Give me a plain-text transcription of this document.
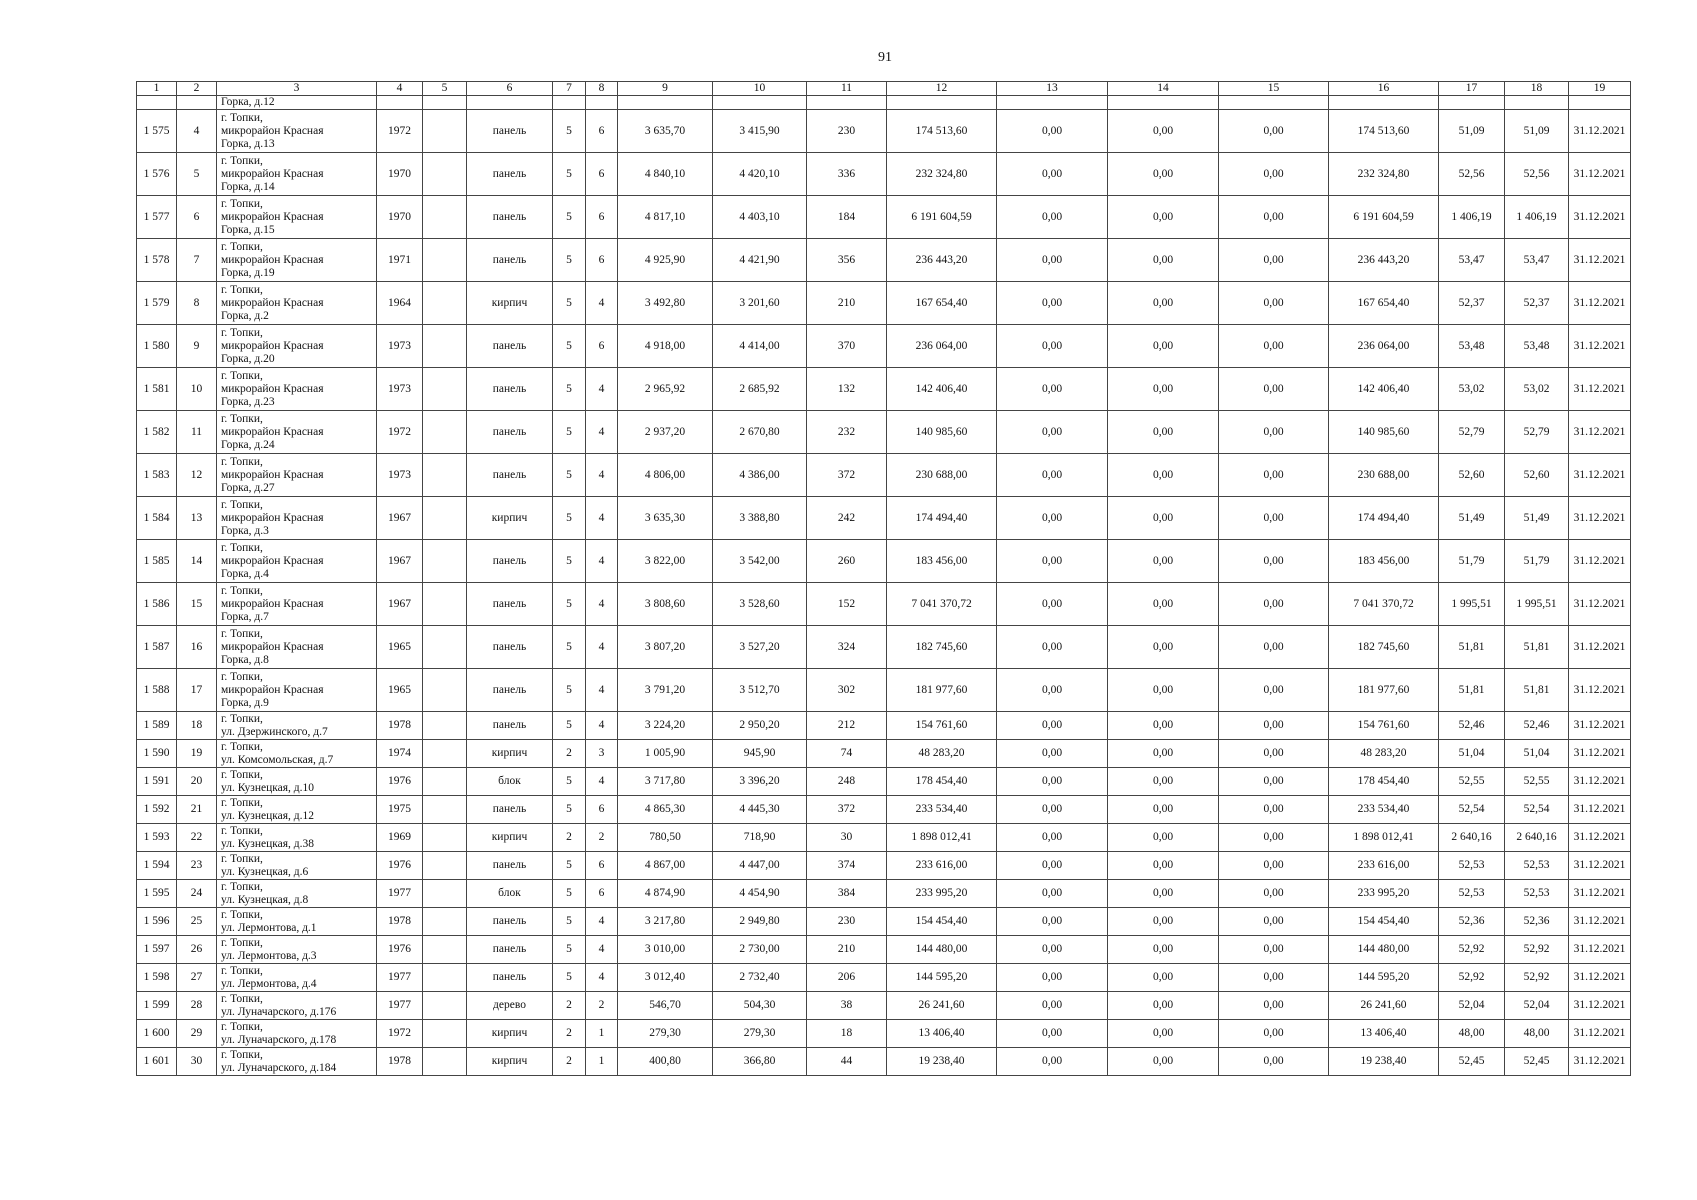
91
1	2	3	4	5	6	7	8	9	10	11	12	13	14	15	16	17	18	19
		Горка, д.12																
1 575	4	г. Топки,
микрорайон Красная
Горка, д.13	1972		панель	5	6	3 635,70	3 415,90	230	174 513,60	0,00	0,00	0,00	174 513,60	51,09	51,09	31.12.2021
1 576	5	г. Топки,
микрорайон Красная
Горка, д.14	1970		панель	5	6	4 840,10	4 420,10	336	232 324,80	0,00	0,00	0,00	232 324,80	52,56	52,56	31.12.2021
1 577	6	г. Топки,
микрорайон Красная
Горка, д.15	1970		панель	5	6	4 817,10	4 403,10	184	6 191 604,59	0,00	0,00	0,00	6 191 604,59	1 406,19	1 406,19	31.12.2021
1 578	7	г. Топки,
микрорайон Красная
Горка, д.19	1971		панель	5	6	4 925,90	4 421,90	356	236 443,20	0,00	0,00	0,00	236 443,20	53,47	53,47	31.12.2021
1 579	8	г. Топки,
микрорайон Красная
Горка, д.2	1964		кирпич	5	4	3 492,80	3 201,60	210	167 654,40	0,00	0,00	0,00	167 654,40	52,37	52,37	31.12.2021
1 580	9	г. Топки,
микрорайон Красная
Горка, д.20	1973		панель	5	6	4 918,00	4 414,00	370	236 064,00	0,00	0,00	0,00	236 064,00	53,48	53,48	31.12.2021
1 581	10	г. Топки,
микрорайон Красная
Горка, д.23	1973		панель	5	4	2 965,92	2 685,92	132	142 406,40	0,00	0,00	0,00	142 406,40	53,02	53,02	31.12.2021
1 582	11	г. Топки,
микрорайон Красная
Горка, д.24	1972		панель	5	4	2 937,20	2 670,80	232	140 985,60	0,00	0,00	0,00	140 985,60	52,79	52,79	31.12.2021
1 583	12	г. Топки,
микрорайон Красная
Горка, д.27	1973		панель	5	4	4 806,00	4 386,00	372	230 688,00	0,00	0,00	0,00	230 688,00	52,60	52,60	31.12.2021
1 584	13	г. Топки,
микрорайон Красная
Горка, д.3	1967		кирпич	5	4	3 635,30	3 388,80	242	174 494,40	0,00	0,00	0,00	174 494,40	51,49	51,49	31.12.2021
1 585	14	г. Топки,
микрорайон Красная
Горка, д.4	1967		панель	5	4	3 822,00	3 542,00	260	183 456,00	0,00	0,00	0,00	183 456,00	51,79	51,79	31.12.2021
1 586	15	г. Топки,
микрорайон Красная
Горка, д.7	1967		панель	5	4	3 808,60	3 528,60	152	7 041 370,72	0,00	0,00	0,00	7 041 370,72	1 995,51	1 995,51	31.12.2021
1 587	16	г. Топки,
микрорайон Красная
Горка, д.8	1965		панель	5	4	3 807,20	3 527,20	324	182 745,60	0,00	0,00	0,00	182 745,60	51,81	51,81	31.12.2021
1 588	17	г. Топки,
микрорайон Красная
Горка, д.9	1965		панель	5	4	3 791,20	3 512,70	302	181 977,60	0,00	0,00	0,00	181 977,60	51,81	51,81	31.12.2021
1 589	18	г. Топки,
ул. Дзержинского, д.7	1978		панель	5	4	3 224,20	2 950,20	212	154 761,60	0,00	0,00	0,00	154 761,60	52,46	52,46	31.12.2021
1 590	19	г. Топки,
ул. Комсомольская, д.7	1974		кирпич	2	3	1 005,90	945,90	74	48 283,20	0,00	0,00	0,00	48 283,20	51,04	51,04	31.12.2021
1 591	20	г. Топки,
ул. Кузнецкая, д.10	1976		блок	5	4	3 717,80	3 396,20	248	178 454,40	0,00	0,00	0,00	178 454,40	52,55	52,55	31.12.2021
1 592	21	г. Топки,
ул. Кузнецкая, д.12	1975		панель	5	6	4 865,30	4 445,30	372	233 534,40	0,00	0,00	0,00	233 534,40	52,54	52,54	31.12.2021
1 593	22	г. Топки,
ул. Кузнецкая, д.38	1969		кирпич	2	2	780,50	718,90	30	1 898 012,41	0,00	0,00	0,00	1 898 012,41	2 640,16	2 640,16	31.12.2021
1 594	23	г. Топки,
ул. Кузнецкая, д.6	1976		панель	5	6	4 867,00	4 447,00	374	233 616,00	0,00	0,00	0,00	233 616,00	52,53	52,53	31.12.2021
1 595	24	г. Топки,
ул. Кузнецкая, д.8	1977		блок	5	6	4 874,90	4 454,90	384	233 995,20	0,00	0,00	0,00	233 995,20	52,53	52,53	31.12.2021
1 596	25	г. Топки,
ул. Лермонтова, д.1	1978		панель	5	4	3 217,80	2 949,80	230	154 454,40	0,00	0,00	0,00	154 454,40	52,36	52,36	31.12.2021
1 597	26	г. Топки,
ул. Лермонтова, д.3	1976		панель	5	4	3 010,00	2 730,00	210	144 480,00	0,00	0,00	0,00	144 480,00	52,92	52,92	31.12.2021
1 598	27	г. Топки,
ул. Лермонтова, д.4	1977		панель	5	4	3 012,40	2 732,40	206	144 595,20	0,00	0,00	0,00	144 595,20	52,92	52,92	31.12.2021
1 599	28	г. Топки,
ул. Луначарского, д.176	1977		дерево	2	2	546,70	504,30	38	26 241,60	0,00	0,00	0,00	26 241,60	52,04	52,04	31.12.2021
1 600	29	г. Топки,
ул. Луначарского, д.178	1972		кирпич	2	1	279,30	279,30	18	13 406,40	0,00	0,00	0,00	13 406,40	48,00	48,00	31.12.2021
1 601	30	г. Топки,
ул. Луначарского, д.184	1978		кирпич	2	1	400,80	366,80	44	19 238,40	0,00	0,00	0,00	19 238,40	52,45	52,45	31.12.2021
